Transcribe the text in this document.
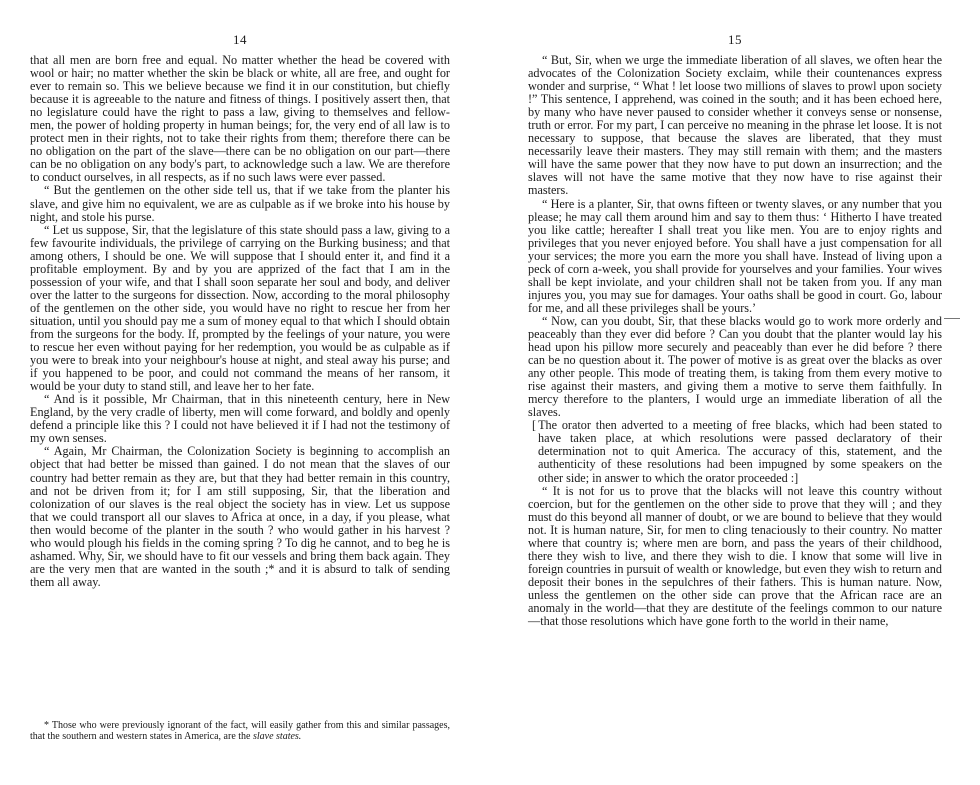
14

that all men are born free and equal. No matter whether the head be covered with wool or hair; no matter whether the skin be black or white, all are free, and ought for ever to remain so. This we believe because we find it in our constitution, but chiefly because it is agreeable to the nature and fitness of things. I positively assert then, that no legislature could have the right to pass a law, giving to themselves and fellow-men, the power of holding property in human beings; for, the very end of all law is to protect men in their rights, not to take their rights from them; therefore there can be no obligation on the part of the slave—there can be no obligation on our part—there can be no obligation on any body's part, to acknowledge such a law. We are therefore to conduct ourselves, in all respects, as if no such laws were ever passed.

“ But the gentlemen on the other side tell us, that if we take from the planter his slave, and give him no equivalent, we are as culpable as if we broke into his house by night, and stole his purse.

“ Let us suppose, Sir, that the legislature of this state should pass a law, giving to a few favourite individuals, the privilege of carrying on the Burking business; and that among others, I should be one. We will suppose that I should enter it, and find it a profitable employment. By and by you are apprized of the fact that I am in the possession of your wife, and that I shall soon separate her soul and body, and deliver over the latter to the surgeons for dissection. Now, according to the moral philosophy of the gentlemen on the other side, you would have no right to rescue her from her situation, until you should pay me a sum of money equal to that which I should obtain from the surgeons for the body. If, prompted by the feelings of your nature, you were to rescue her even without paying for her redemption, you would be as culpable as if you were to break into your neighbour's house at night, and steal away his purse; and if you happened to be poor, and could not command the means of her ransom, it would be your duty to stand still, and leave her to her fate.

“ And is it possible, Mr Chairman, that in this nineteenth century, here in New England, by the very cradle of liberty, men will come forward, and boldly and openly defend a principle like this ? I could not have believed it if I had not the testimony of my own senses.

“ Again, Mr Chairman, the Colonization Society is beginning to accomplish an object that had better be missed than gained. I do not mean that the slaves of our country had better remain as they are, but that they had better remain in this country, and not be driven from it; for I am still supposing, Sir, that the liberation and colonization of our slaves is the real object the society has in view. Let us suppose that we could transport all our slaves to Africa at once, in a day, if you please, what then would become of the planter in the south ? who would gather in his harvest ? who would plough his fields in the coming spring ? To dig he cannot, and to beg he is ashamed. Why, Sir, we should have to fit our vessels and bring them back again. They are the very men that are wanted in the south ;* and it is absurd to talk of sending them all away.

* Those who were previously ignorant of the fact, will easily gather from this and similar passages, that the southern and western states in America, are the slave states.

15

“ But, Sir, when we urge the immediate liberation of all slaves, we often hear the advocates of the Colonization Society exclaim, while their countenances express wonder and surprise, “ What ! let loose two millions of slaves to prowl upon society !” This sentence, I apprehend, was coined in the south; and it has been echoed here, by many who have never paused to consider whether it conveys sense or nonsense, truth or error. For my part, I can perceive no meaning in the phrase let loose. It is not necessary to suppose, that because the slaves are liberated, that they must necessarily leave their masters. They may still remain with them; and the masters will have the same power that they now have to put down an insurrection; and the slaves will not have the same motive that they now have to rise against their masters.

“ Here is a planter, Sir, that owns fifteen or twenty slaves, or any number that you please; he may call them around him and say to them thus: ‘ Hitherto I have treated you like cattle; hereafter I shall treat you like men. You are to enjoy rights and privileges that you never enjoyed before. You shall have a just compensation for all your services; the more you earn the more you shall have. Instead of living upon a peck of corn a-week, you shall provide for yourselves and your families. Your wives shall be kept inviolate, and your children shall not be taken from you. If any man injures you, you may sue for damages. Your oaths shall be good in court. Go, labour for me, and all these privileges shall be yours.’

“ Now, can you doubt, Sir, that these blacks would go to work more orderly and peaceably than they ever did before ? Can you doubt that the planter would lay his head upon his pillow more securely and peaceably than ever he did before ? there can be no question about it. The power of motive is as great over the blacks as over any other people. This mode of treating them, is taking from them every motive to rise against their masters, and giving them a motive to serve them faithfully. In mercy therefore to the planters, I would urge an immediate liberation of all the slaves.

[ The orator then adverted to a meeting of free blacks, which had been stated to have taken place, at which resolutions were passed declaratory of their determination not to quit America. The accuracy of this, statement, and the authenticity of these resolutions had been impugned by some speakers on the other side; in answer to which the orator proceeded :]

“ It is not for us to prove that the blacks will not leave this country without coercion, but for the gentlemen on the other side to prove that they will ; and they must do this beyond all manner of doubt, or we are bound to believe that they would not. It is human nature, Sir, for men to cling tenaciously to their country. No matter where that country is; where men are born, and pass the years of their childhood, there they wish to live, and there they wish to die. I know that some will live in foreign countries in pursuit of wealth or knowledge, but even they wish to return and deposit their bones in the sepulchres of their fathers. This is human nature. Now, unless the gentlemen on the other side can prove that the African race are an anomaly in the world—that they are destitute of the feelings common to our nature—that those resolutions which have gone forth to the world in their name,
